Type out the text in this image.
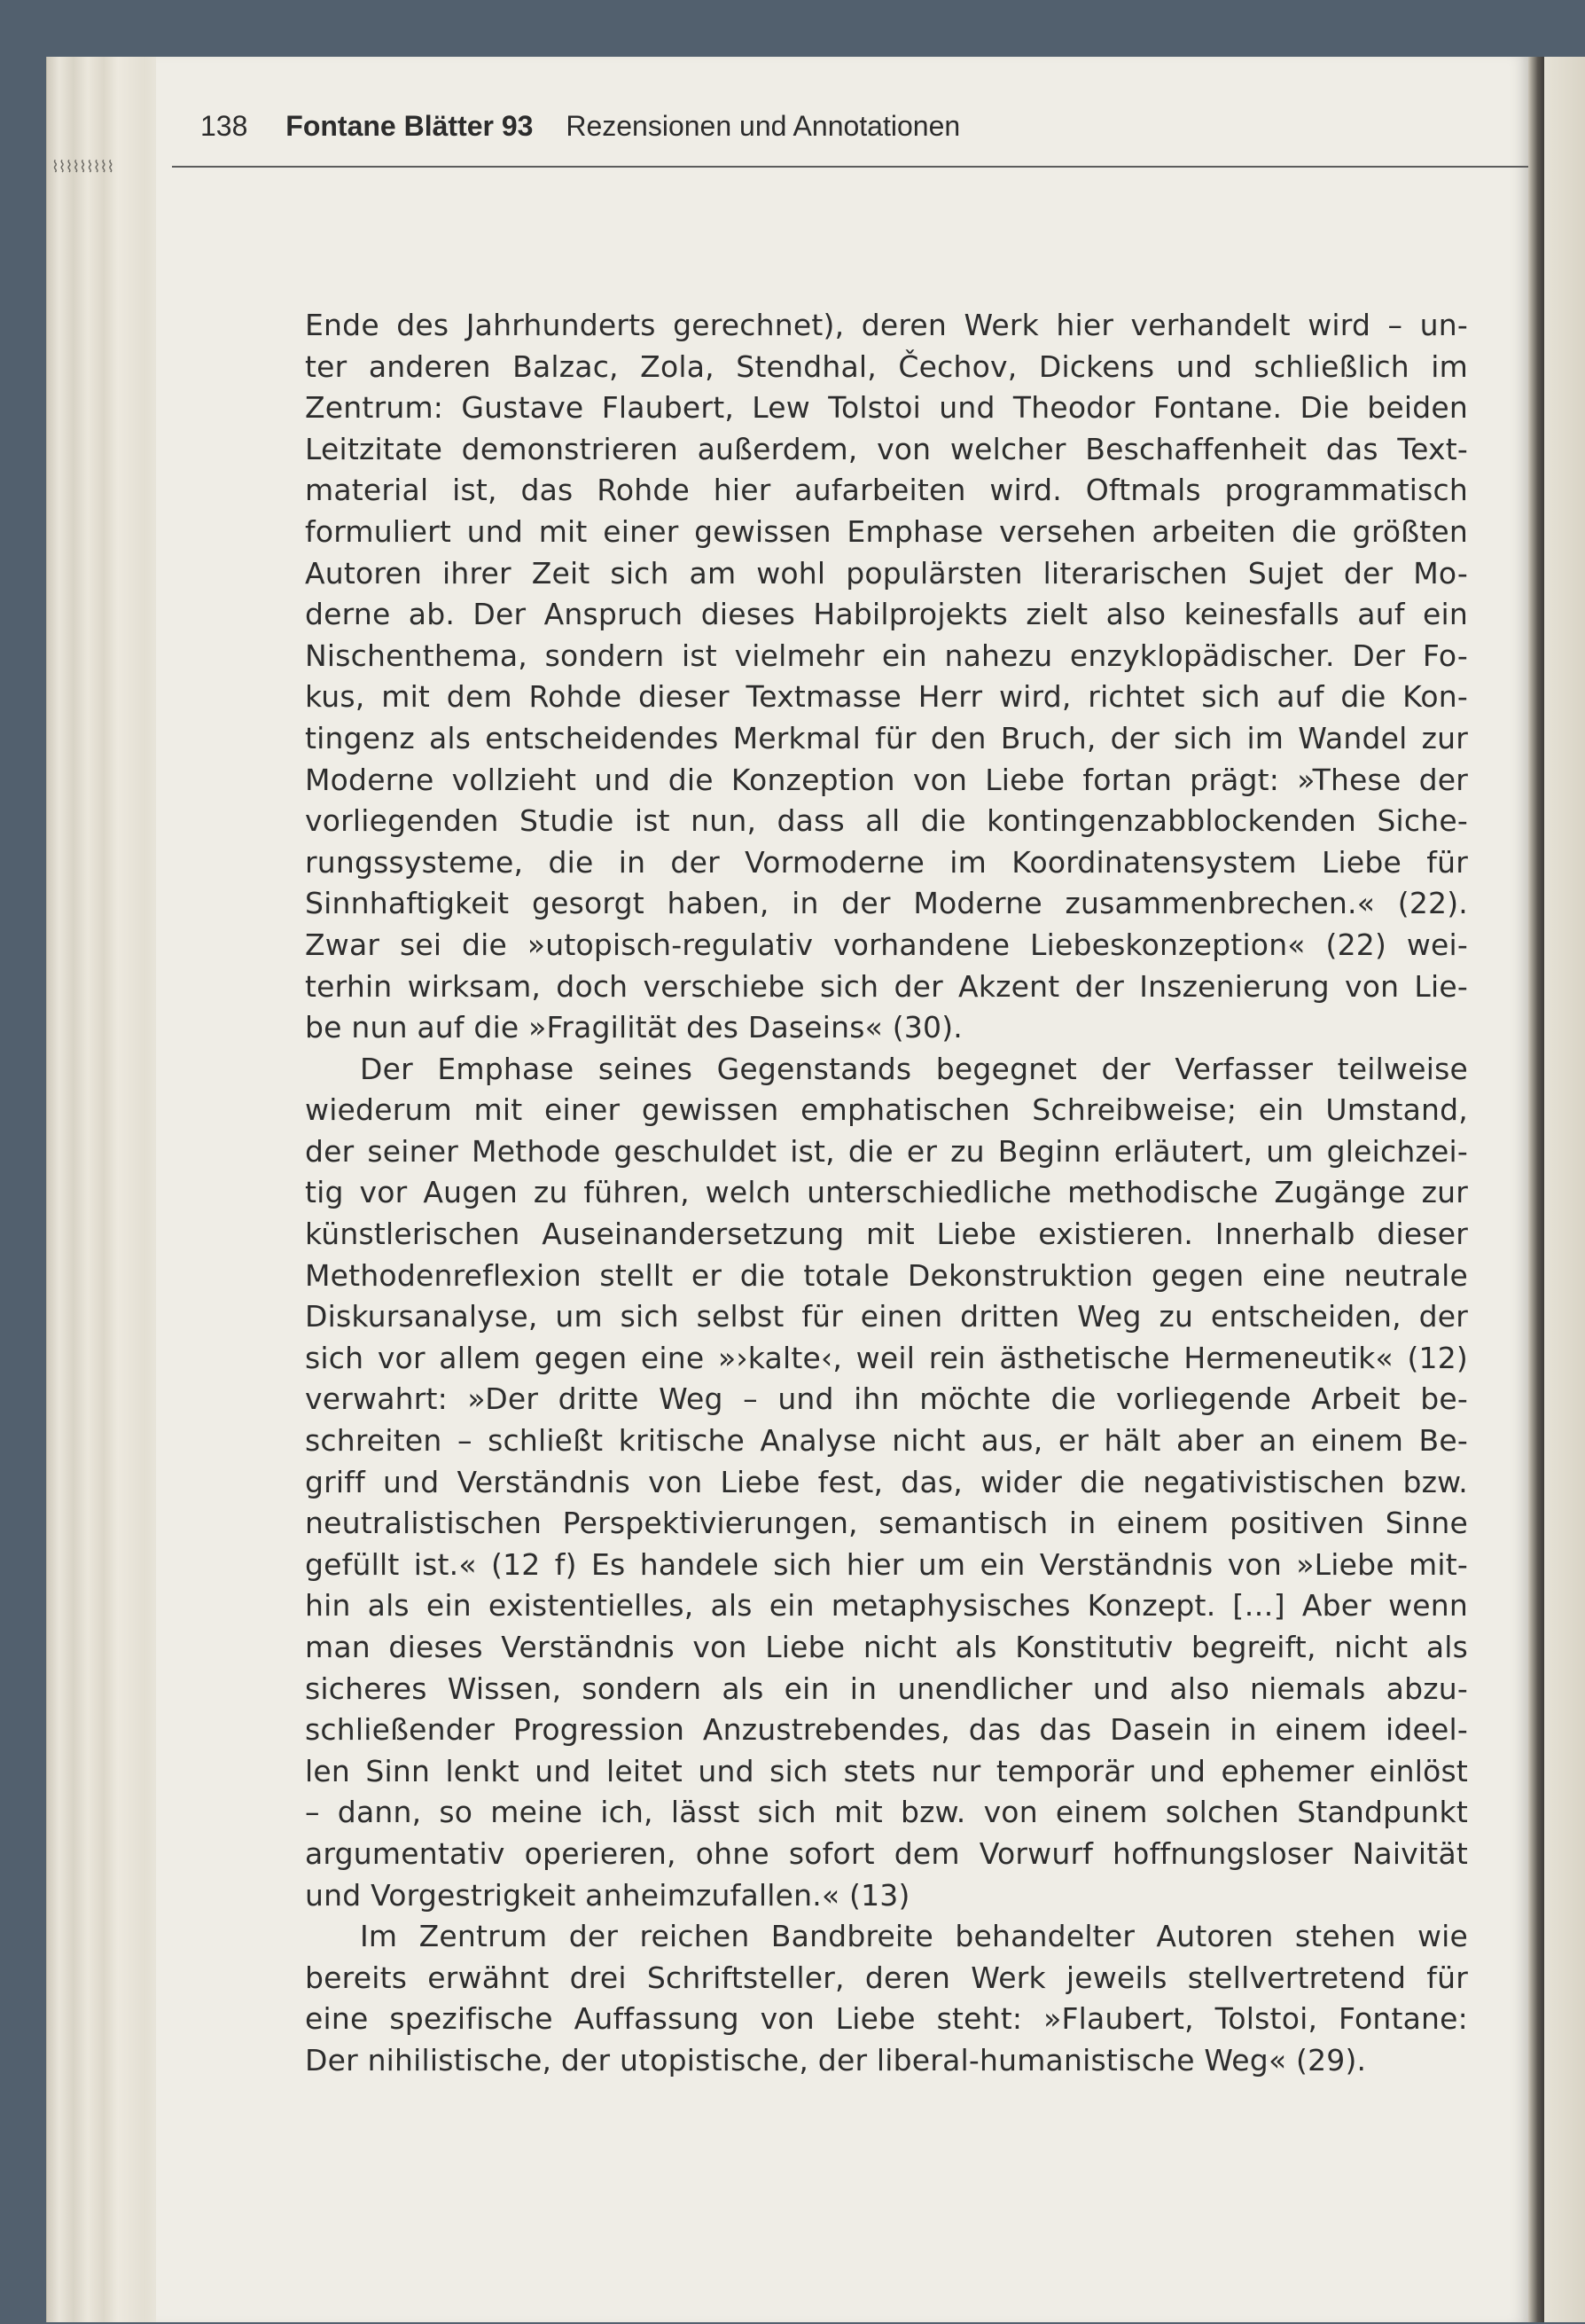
⌇⌇⌇⌇⌇⌇⌇⌇⌇
138 Fontane Blätter 93 Rezensionen und Annotationen
Ende des Jahrhunderts gerechnet), deren Werk hier verhandelt wird – un-
ter anderen Balzac, Zola, Stendhal, Čechov, Dickens und schließlich im
Zentrum: Gustave Flaubert, Lew Tolstoi und Theodor Fontane. Die beiden
Leitzitate demonstrieren außerdem, von welcher Beschaffenheit das Text-
material ist, das Rohde hier aufarbeiten wird. Oftmals programmatisch
formuliert und mit einer gewissen Emphase versehen arbeiten die größten
Autoren ihrer Zeit sich am wohl populärsten literarischen Sujet der Mo-
derne ab. Der Anspruch dieses Habilprojekts zielt also keinesfalls auf ein
Nischenthema, sondern ist vielmehr ein nahezu enzyklopädischer. Der Fo-
kus, mit dem Rohde dieser Textmasse Herr wird, richtet sich auf die Kon-
tingenz als entscheidendes Merkmal für den Bruch, der sich im Wandel zur
Moderne vollzieht und die Konzeption von Liebe fortan prägt: »These der
vorliegenden Studie ist nun, dass all die kontingenzabblockenden Siche-
rungssysteme, die in der Vormoderne im Koordinatensystem Liebe für
Sinnhaftigkeit gesorgt haben, in der Moderne zusammenbrechen.« (22).
Zwar sei die »utopisch-regulativ vorhandene Liebeskonzeption« (22) wei-
terhin wirksam, doch verschiebe sich der Akzent der Inszenierung von Lie-
be nun auf die »Fragilität des Daseins« (30).
Der Emphase seines Gegenstands begegnet der Verfasser teilweise
wiederum mit einer gewissen emphatischen Schreibweise; ein Umstand,
der seiner Methode geschuldet ist, die er zu Beginn erläutert, um gleichzei-
tig vor Augen zu führen, welch unterschiedliche methodische Zugänge zur
künstlerischen Auseinandersetzung mit Liebe existieren. Innerhalb dieser
Methodenreflexion stellt er die totale Dekonstruktion gegen eine neutrale
Diskursanalyse, um sich selbst für einen dritten Weg zu entscheiden, der
sich vor allem gegen eine »›kalte‹, weil rein ästhetische Hermeneutik« (12)
verwahrt: »Der dritte Weg – und ihn möchte die vorliegende Arbeit be-
schreiten – schließt kritische Analyse nicht aus, er hält aber an einem Be-
griff und Verständnis von Liebe fest, das, wider die negativistischen bzw.
neutralistischen Perspektivierungen, semantisch in einem positiven Sinne
gefüllt ist.« (12 f) Es handele sich hier um ein Verständnis von »Liebe mit-
hin als ein existentielles, als ein metaphysisches Konzept. […] Aber wenn
man dieses Verständnis von Liebe nicht als Konstitutiv begreift, nicht als
sicheres Wissen, sondern als ein in unendlicher und also niemals abzu-
schließender Progression Anzustrebendes, das das Dasein in einem ideel-
len Sinn lenkt und leitet und sich stets nur temporär und ephemer einlöst
– dann, so meine ich, lässt sich mit bzw. von einem solchen Standpunkt
argumentativ operieren, ohne sofort dem Vorwurf hoffnungsloser Naivität
und Vorgestrigkeit anheimzufallen.« (13)
Im Zentrum der reichen Bandbreite behandelter Autoren stehen wie
bereits erwähnt drei Schriftsteller, deren Werk jeweils stellvertretend für
eine spezifische Auffassung von Liebe steht: »Flaubert, Tolstoi, Fontane:
Der nihilistische, der utopistische, der liberal-humanistische Weg« (29).
